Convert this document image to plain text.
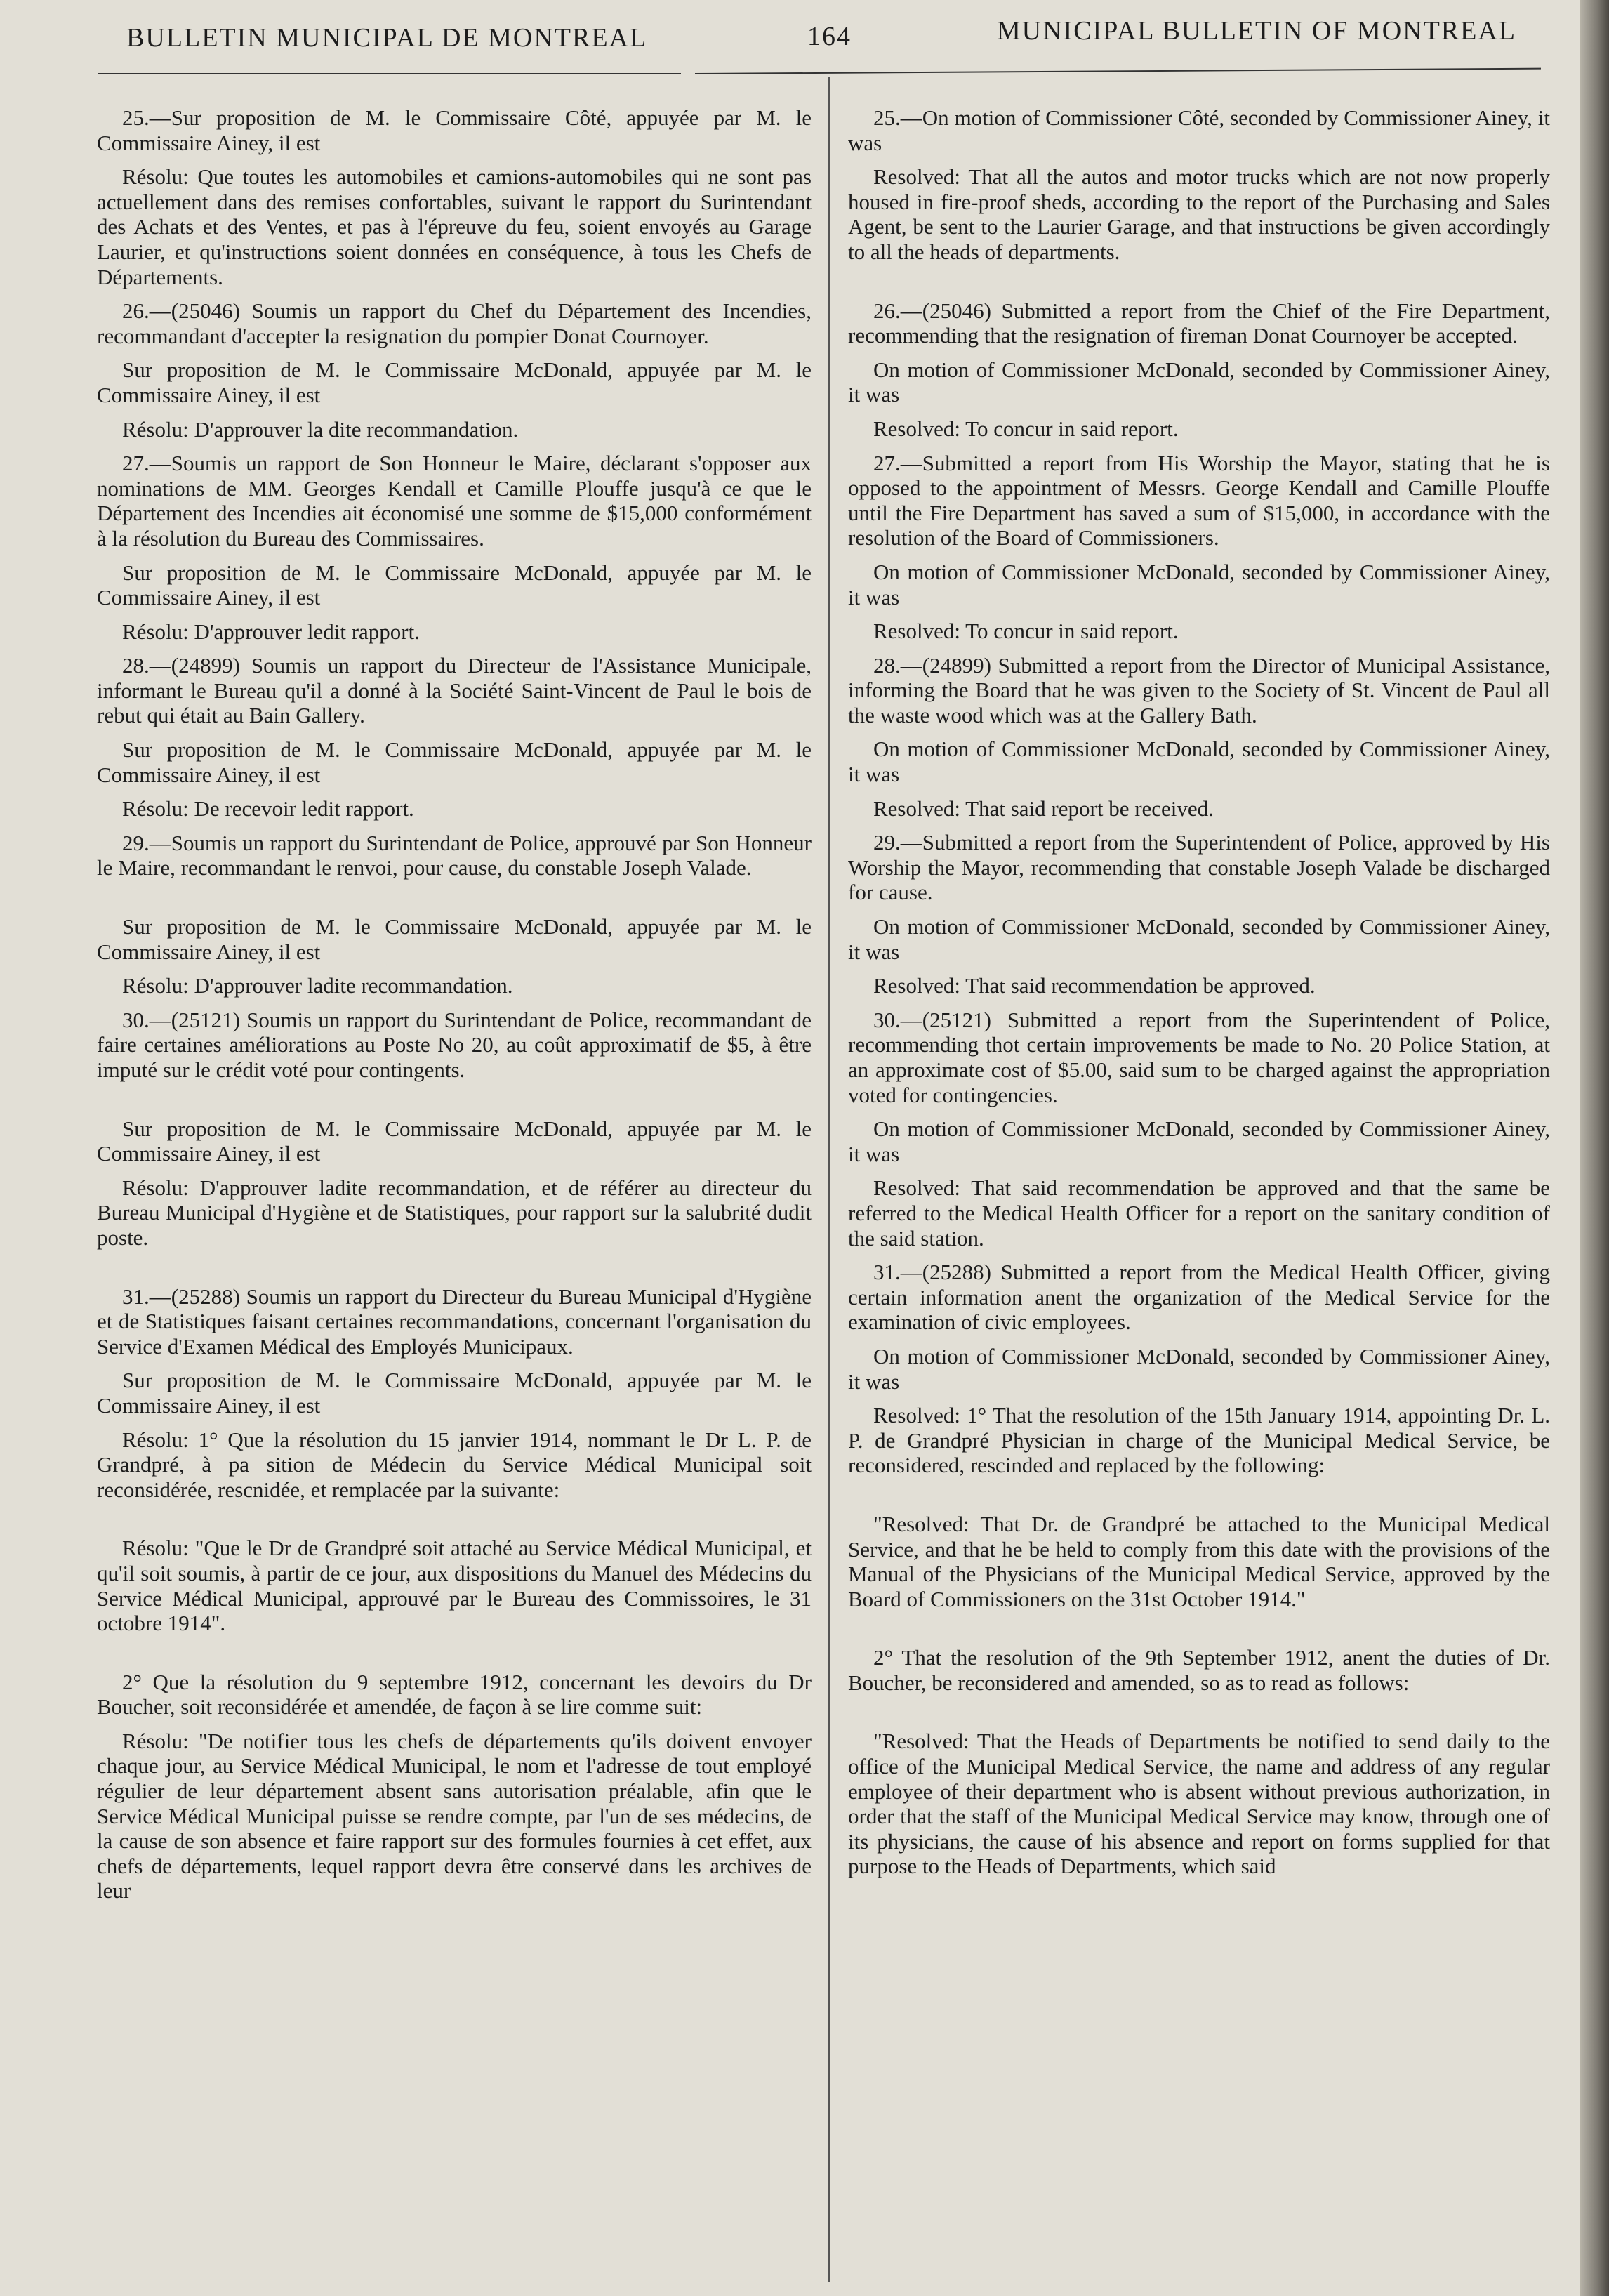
BULLETIN MUNICIPAL DE MONTREAL	164	MUNICIPAL BULLETIN OF MONTREAL

25.—Sur proposition de M. le Commissaire Côté, appuyée par M. le Commissaire Ainey, il est

Résolu: Que toutes les automobiles et camions-automobiles qui ne sont pas actuellement dans des remises confortables, suivant le rapport du Surintendant des Achats et des Ventes, et pas à l'épreuve du feu, soient envoyés au Garage Laurier, et qu'instructions soient données en conséquence, à tous les Chefs de Départements.

26.—(25046) Soumis un rapport du Chef du Département des Incendies, recommandant d'accepter la resignation du pompier Donat Cournoyer.

Sur proposition de M. le Commissaire McDonald, appuyée par M. le Commissaire Ainey, il est

Résolu: D'approuver la dite recommandation.

27.—Soumis un rapport de Son Honneur le Maire, déclarant s'opposer aux nominations de MM. Georges Kendall et Camille Plouffe jusqu'à ce que le Département des Incendies ait économisé une somme de $15,000 conformément à la résolution du Bureau des Commissaires.

Sur proposition de M. le Commissaire McDonald, appuyée par M. le Commissaire Ainey, il est

Résolu: D'approuver ledit rapport.

28.—(24899) Soumis un rapport du Directeur de l'Assistance Municipale, informant le Bureau qu'il a donné à la Société Saint-Vincent de Paul le bois de rebut qui était au Bain Gallery.

Sur proposition de M. le Commissaire McDonald, appuyée par M. le Commissaire Ainey, il est

Résolu: De recevoir ledit rapport.

29.—Soumis un rapport du Surintendant de Police, approuvé par Son Honneur le Maire, recommandant le renvoi, pour cause, du constable Joseph Valade.

Sur proposition de M. le Commissaire McDonald, appuyée par M. le Commissaire Ainey, il est

Résolu: D'approuver ladite recommandation.

30.—(25121) Soumis un rapport du Surintendant de Police, recommandant de faire certaines améliorations au Poste No 20, au coût approximatif de $5, à être imputé sur le crédit voté pour contingents.

Sur proposition de M. le Commissaire McDonald, appuyée par M. le Commissaire Ainey, il est

Résolu: D'approuver ladite recommandation, et de référer au directeur du Bureau Municipal d'Hygiène et de Statistiques, pour rapport sur la salubrité dudit poste.

31.—(25288) Soumis un rapport du Directeur du Bureau Municipal d'Hygiène et de Statistiques faisant certaines recommandations, concernant l'organisation du Service d'Examen Médical des Employés Municipaux.

Sur proposition de M. le Commissaire McDonald, appuyée par M. le Commissaire Ainey, il est

Résolu: 1° Que la résolution du 15 janvier 1914, nommant le Dr L. P. de Grandpré, à pa sition de Médecin du Service Médical Municipal soit reconsidérée, rescnidée, et remplacée par la suivante:

Résolu: "Que le Dr de Grandpré soit attaché au Service Médical Municipal, et qu'il soit soumis, à partir de ce jour, aux dispositions du Manuel des Médecins du Service Médical Municipal, approuvé par le Bureau des Commissoires, le 31 octobre 1914".

2° Que la résolution du 9 septembre 1912, concernant les devoirs du Dr Boucher, soit reconsidérée et amendée, de façon à se lire comme suit:

Résolu: "De notifier tous les chefs de départements qu'ils doivent envoyer chaque jour, au Service Médical Municipal, le nom et l'adresse de tout employé régulier de leur département absent sans autorisation préalable, afin que le Service Médical Municipal puisse se rendre compte, par l'un de ses médecins, de la cause de son absence et faire rapport sur des formules fournies à cet effet, aux chefs de départements, lequel rapport devra être conservé dans les archives de leur

25.—On motion of Commissioner Côté, seconded by Commissioner Ainey, it was

Resolved: That all the autos and motor trucks which are not now properly housed in fire-proof sheds, according to the report of the Purchasing and Sales Agent, be sent to the Laurier Garage, and that instructions be given accordingly to all the heads of departments.

26.—(25046) Submitted a report from the Chief of the Fire Department, recommending that the resignation of fireman Donat Cournoyer be accepted.

On motion of Commissioner McDonald, seconded by Commissioner Ainey, it was

Resolved: To concur in said report.

27.—Submitted a report from His Worship the Mayor, stating that he is opposed to the appointment of Messrs. George Kendall and Camille Plouffe until the Fire Department has saved a sum of $15,000, in accordance with the resolution of the Board of Commissioners.

On motion of Commissioner McDonald, seconded by Commissioner Ainey, it was

Resolved: To concur in said report.

28.—(24899) Submitted a report from the Director of Municipal Assistance, informing the Board that he was given to the Society of St. Vincent de Paul all the waste wood which was at the Gallery Bath.

On motion of Commissioner McDonald, seconded by Commissioner Ainey, it was

Resolved: That said report be received.

29.—Submitted a report from the Superintendent of Police, approved by His Worship the Mayor, recommending that constable Joseph Valade be discharged for cause.

On motion of Commissioner McDonald, seconded by Commissioner Ainey, it was

Resolved: That said recommendation be approved.

30.—(25121) Submitted a report from the Superintendent of Police, recommending thot certain improvements be made to No. 20 Police Station, at an approximate cost of $5.00, said sum to be charged against the appropriation voted for contingencies.

On motion of Commissioner McDonald, seconded by Commissioner Ainey, it was

Resolved: That said recommendation be approved and that the same be referred to the Medical Health Officer for a report on the sanitary condition of the said station.

31.—(25288) Submitted a report from the Medical Health Officer, giving certain information anent the organization of the Medical Service for the examination of civic employees.

On motion of Commissioner McDonald, seconded by Commissioner Ainey, it was

Resolved: 1° That the resolution of the 15th January 1914, appointing Dr. L. P. de Grandpré Physician in charge of the Municipal Medical Service, be reconsidered, rescinded and replaced by the following:

"Resolved: That Dr. de Grandpré be attached to the Municipal Medical Service, and that he be held to comply from this date with the provisions of the Manual of the Physicians of the Municipal Medical Service, approved by the Board of Commissioners on the 31st October 1914."

2° That the resolution of the 9th September 1912, anent the duties of Dr. Boucher, be reconsidered and amended, so as to read as follows:

"Resolved: That the Heads of Departments be notified to send daily to the office of the Municipal Medical Service, the name and address of any regular employee of their department who is absent without previous authorization, in order that the staff of the Municipal Medical Service may know, through one of its physicians, the cause of his absence and report on forms supplied for that purpose to the Heads of Departments, which said
